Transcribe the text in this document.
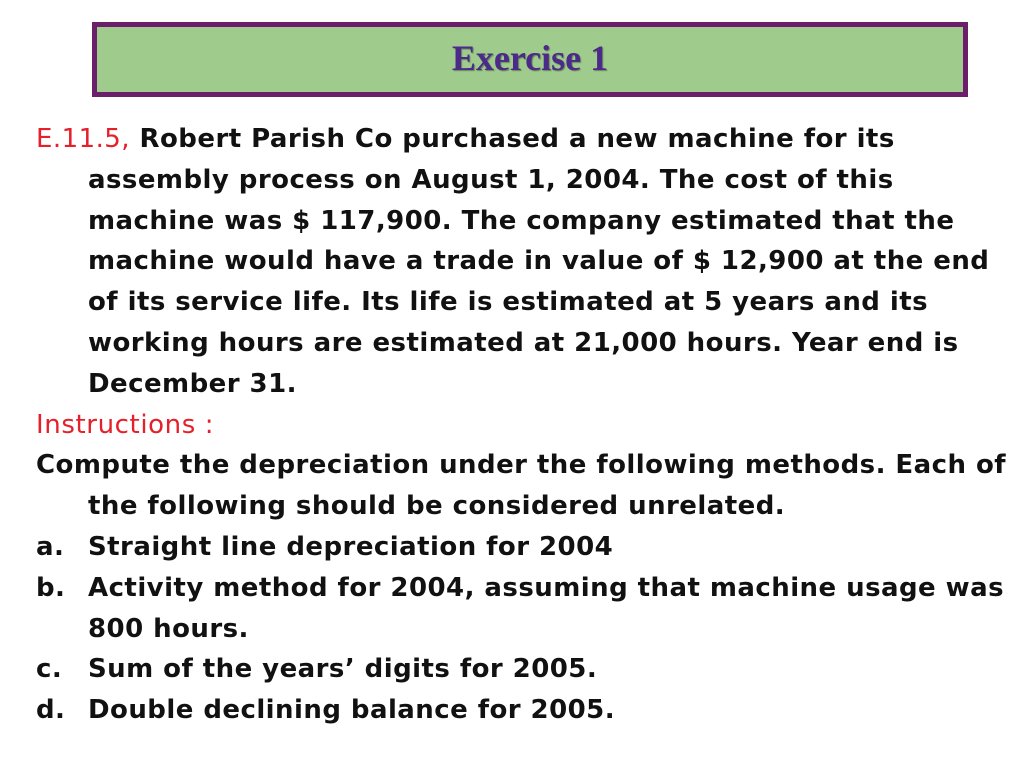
Exercise 1

E.11.5, Robert Parish Co purchased a new machine for its assembly process on August 1, 2004. The cost of this machine was $ 117,900. The company estimated that the machine would have a trade in value of $ 12,900 at the end of its service life. Its life is estimated at 5 years and its working hours are estimated at 21,000 hours. Year end is December 31.

Instructions :

Compute the depreciation under the following methods. Each of the following should be considered unrelated.

a. Straight line depreciation for 2004
b. Activity method for 2004, assuming that machine usage was 800 hours.
c. Sum of the years’ digits for 2005.
d. Double declining balance for 2005.
